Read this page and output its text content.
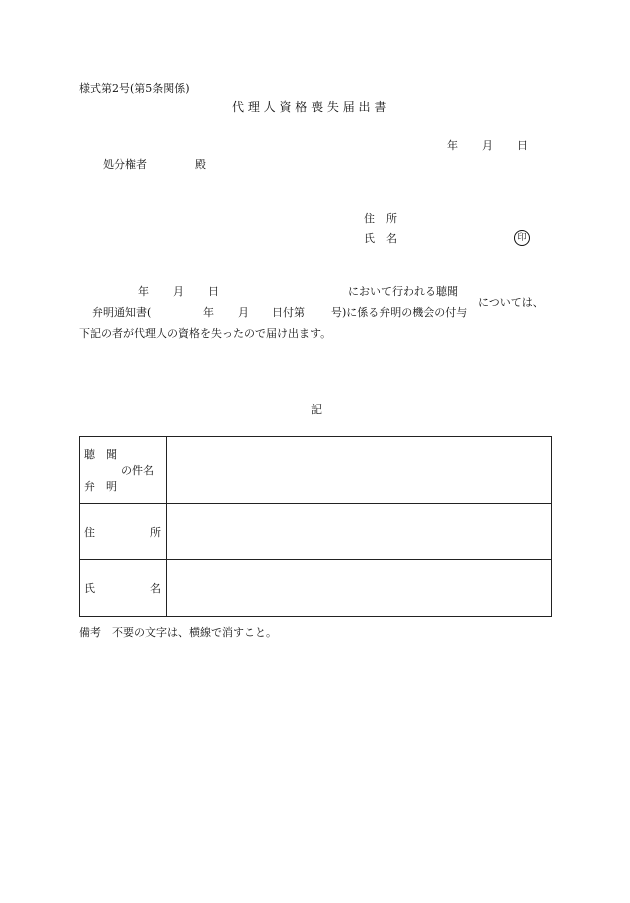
様式第2号(第5条関係)
代 理 人 資 格 喪 失 届 出 書
年 月 日
処分権者	殿
住　所
氏　名	印
年 月 日	において行われる聴聞
弁明通知書(	年 月 日付第 号)に係る弁明の機会の付与
については、
下記の者が代理人の資格を失ったので届け出ます。
記
聴　聞
の件名
弁　明	

住 所	

氏 名	

備考　不要の文字は、横線で消すこと。
